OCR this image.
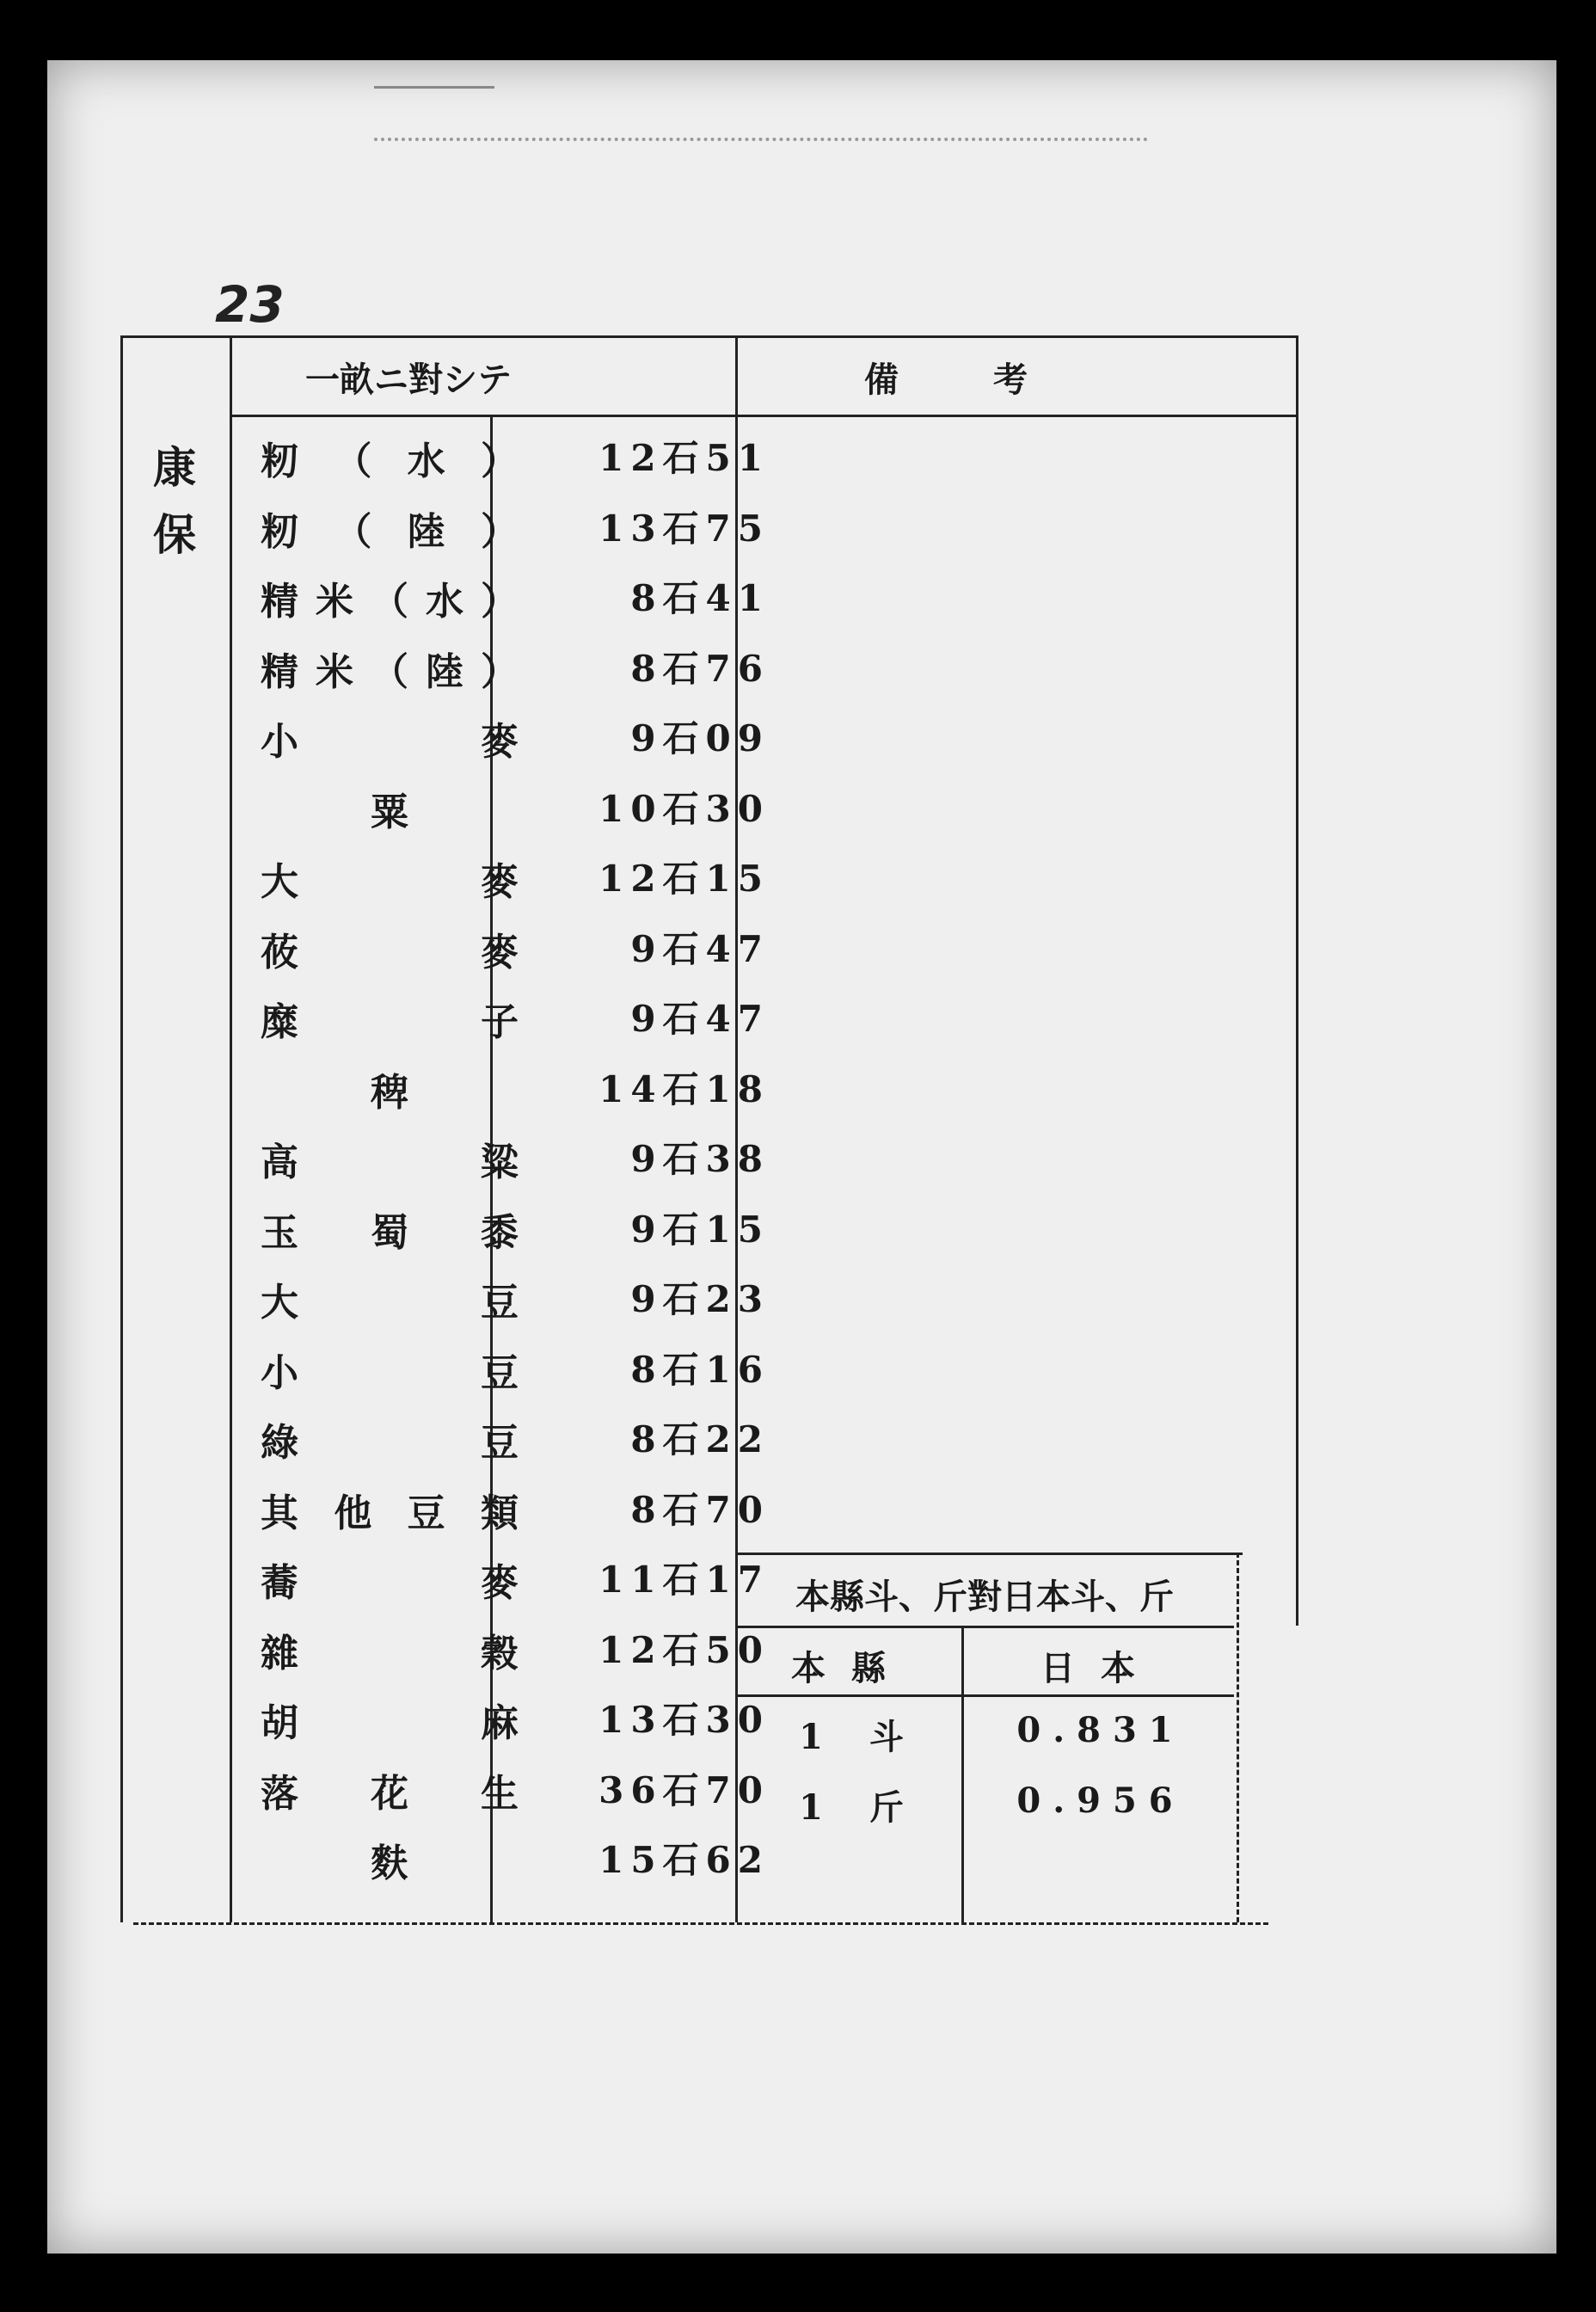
23
康
保
一畝ニ對シテ	備考
籾 （ 水 ）	12石51
籾 （ 陸 ）	13石75
精 米 （ 水 ）	8石41
精 米 （ 陸 ）	8石76
小	麥	9石09
粟	10石30
大	麥	12石15
莜	麥	9石47
糜	子	9石47
稗	14石18
高	粱	9石38
玉 蜀 黍	9石15
大	豆	9石23
小	豆	8石16
綠	豆	8石22
其 他 豆 類	8石70
蕎	麥	11石17
雜	穀	12石50
胡	麻	13石30
落 花 生	36石70
麩	15石62
本縣斗、斤對日本斗、斤
本縣	日本
1 斗	0.831
1 斤	0.956
